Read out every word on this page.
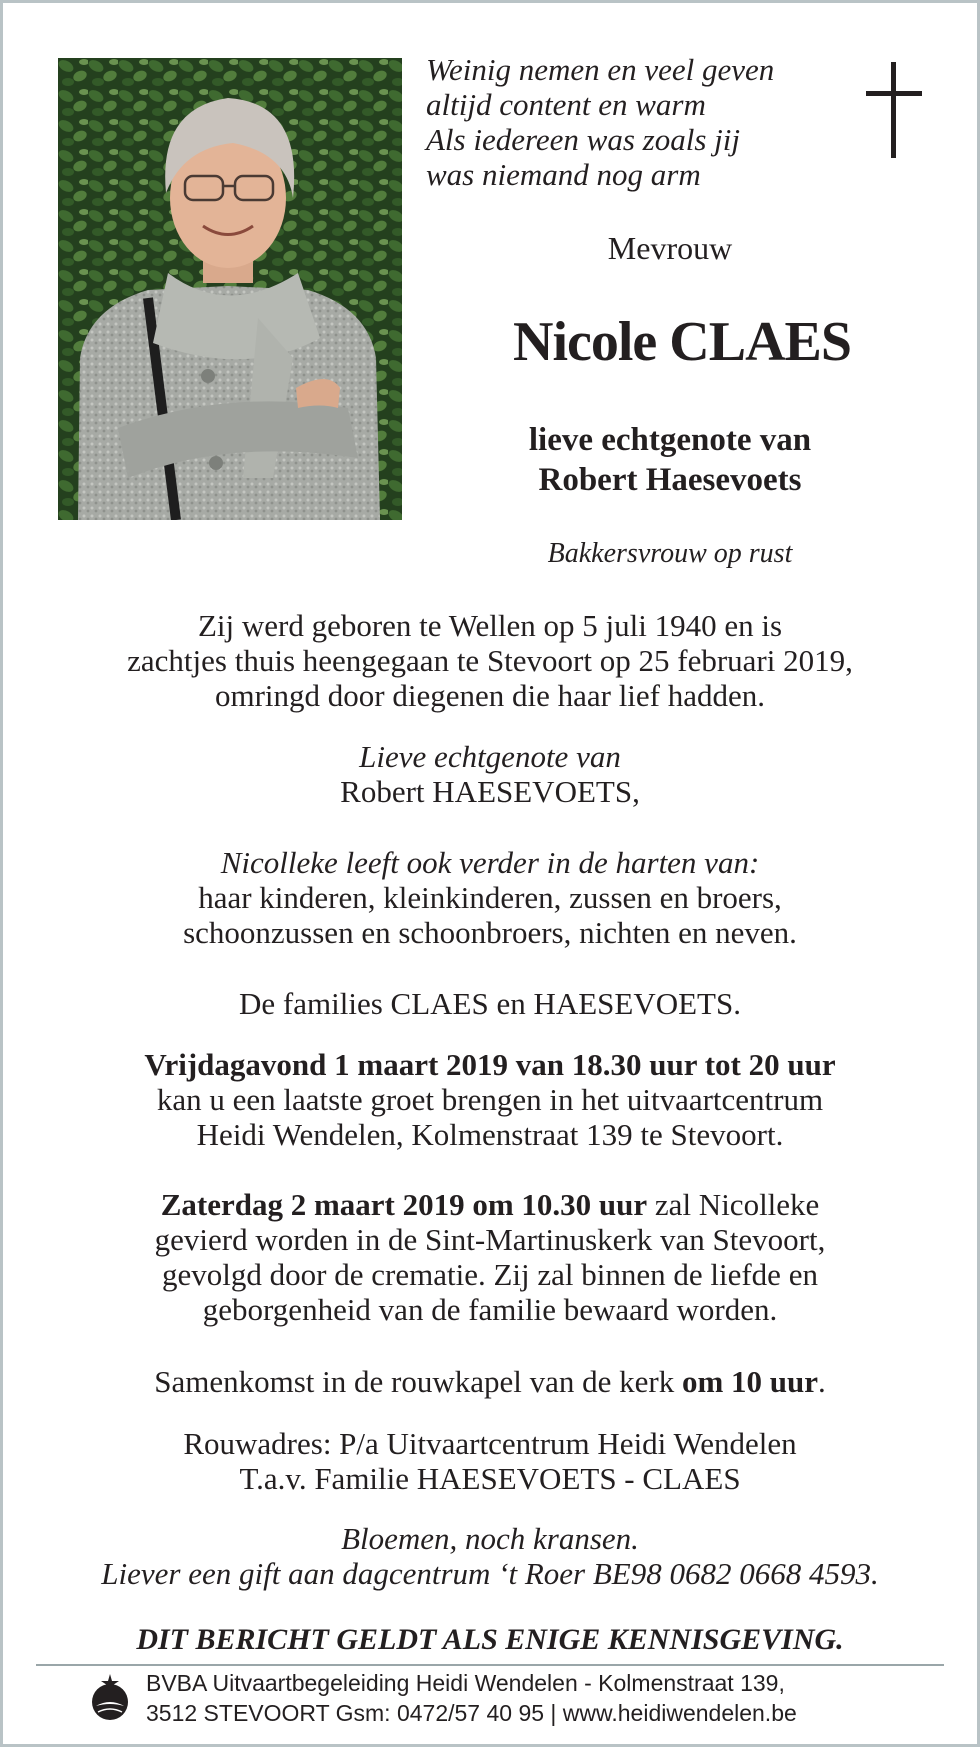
Weinig nemen en veel geven
altijd content en warm
Als iedereen was zoals jij
was niemand nog arm
Mevrouw
Nicole CLAES
lieve echtgenote van
Robert Haesevoets
Bakkersvrouw op rust
Zij werd geboren te Wellen op 5 juli 1940 en is
zachtjes thuis heengegaan te Stevoort op 25 februari 2019,
omringd door diegenen die haar lief hadden.
Lieve echtgenote van
Robert HAESEVOETS,
Nicolleke leeft ook verder in de harten van:
haar kinderen, kleinkinderen, zussen en broers,
schoonzussen en schoonbroers, nichten en neven.
De families CLAES en HAESEVOETS.
Vrijdagavond 1 maart 2019 van 18.30 uur tot 20 uur
kan u een laatste groet brengen in het uitvaartcentrum
Heidi Wendelen, Kolmenstraat 139 te Stevoort.
Zaterdag 2 maart 2019 om 10.30 uur zal Nicolleke
gevierd worden in de Sint-Martinuskerk van Stevoort,
gevolgd door de crematie. Zij zal binnen de liefde en
geborgenheid van de familie bewaard worden.
Samenkomst in de rouwkapel van de kerk om 10 uur.
Rouwadres: P/a Uitvaartcentrum Heidi Wendelen
T.a.v. Familie HAESEVOETS - CLAES
Bloemen, noch kransen.
Liever een gift aan dagcentrum ‘t Roer BE98 0682 0668 4593.
DIT BERICHT GELDT ALS ENIGE KENNISGEVING.
BVBA Uitvaartbegeleiding Heidi Wendelen - Kolmenstraat 139,
3512 STEVOORT Gsm: 0472/57 40 95 | www.heidiwendelen.be
